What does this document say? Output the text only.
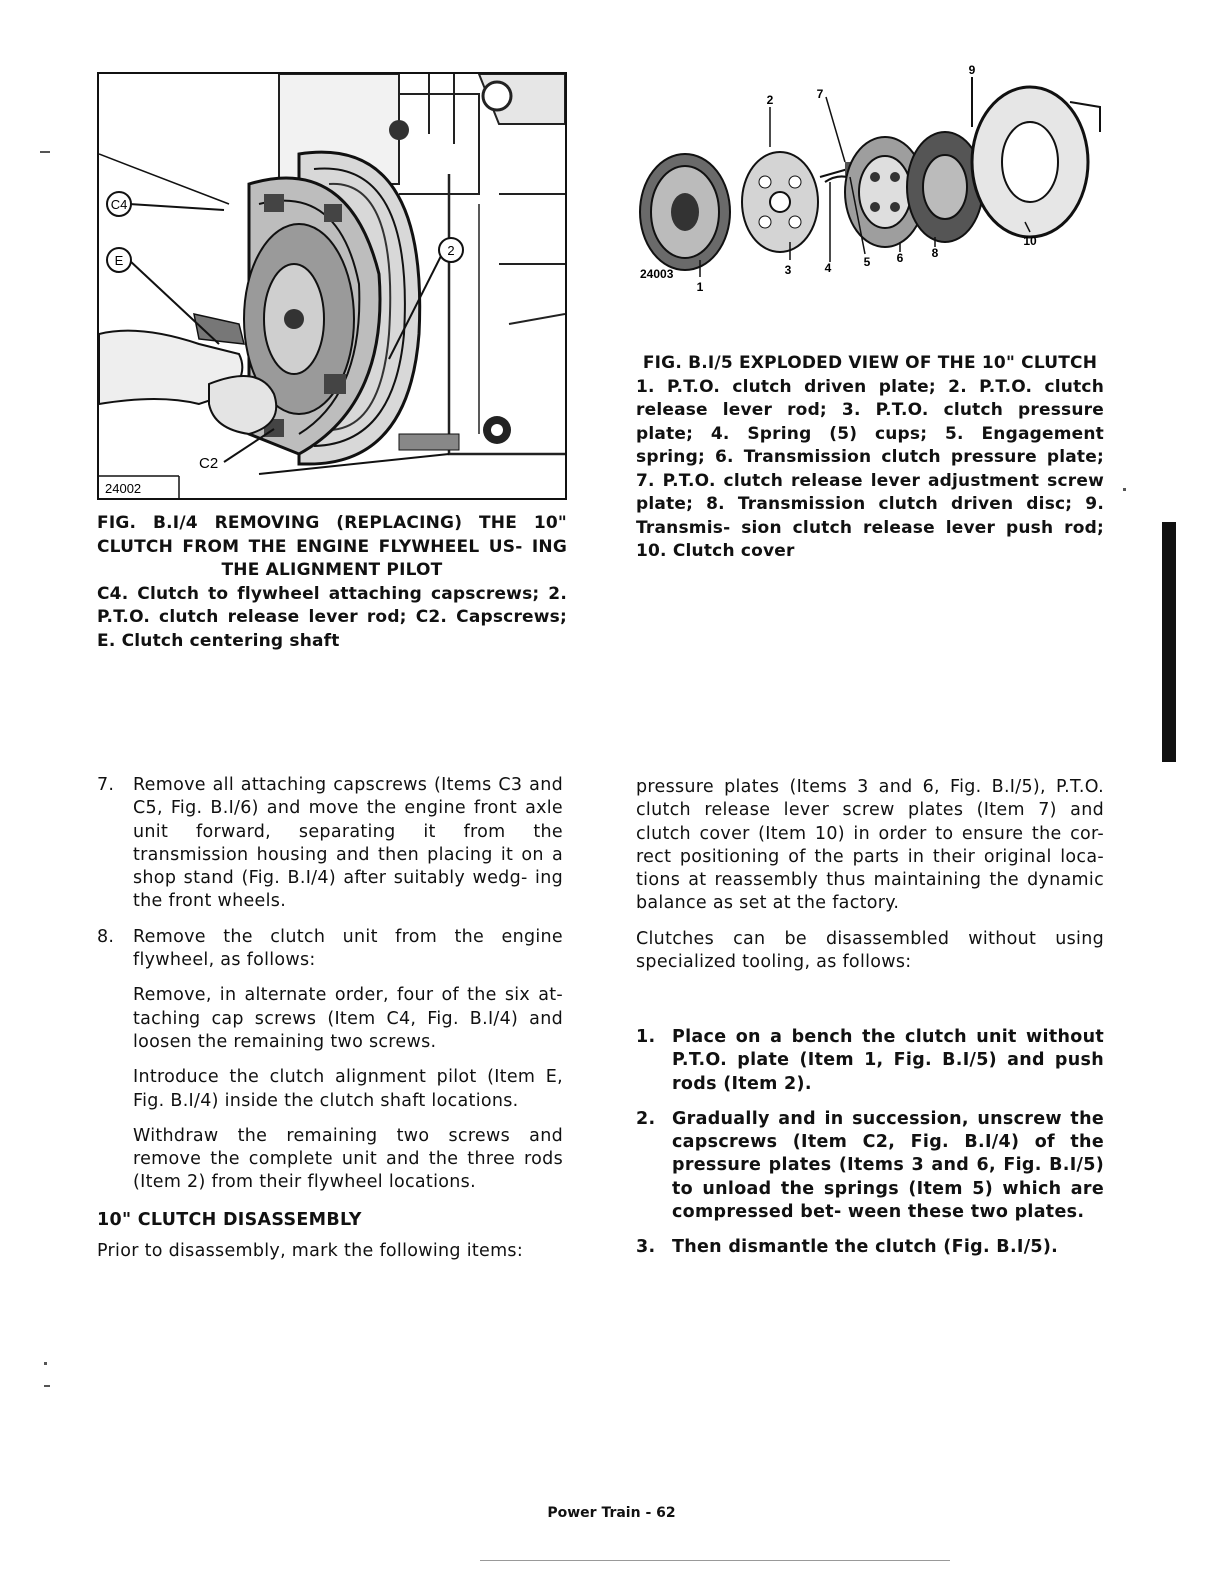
C4
E
2
C2
24002
FIG. B.I/4 REMOVING (REPLACING) THE 10" CLUTCH FROM THE ENGINE FLYWHEEL US- ING THE ALIGNMENT PILOT
C4. Clutch to flywheel attaching capscrews; 2. P.T.O. clutch release lever rod; C2. Capscrews; E. Clutch centering shaft
1
2
3	4	5 6
7
8
9
10
24003
FIG. B.I/5 EXPLODED VIEW OF THE 10" CLUTCH
1. P.T.O. clutch driven plate; 2. P.T.O. clutch release lever rod; 3. P.T.O. clutch pressure plate; 4. Spring (5) cups; 5. Engagement spring; 6. Transmission clutch pressure plate; 7. P.T.O. clutch release lever adjustment screw plate; 8. Transmission clutch driven disc; 9. Transmis- sion clutch release lever push rod; 10. Clutch cover
7. Remove all attaching capscrews (Items C3 and C5, Fig. B.I/6) and move the engine front axle unit forward, separating it from the transmission housing and then placing it on a shop stand (Fig. B.I/4) after suitably wedg- ing the front wheels.
8. Remove the clutch unit from the engine flywheel, as follows:

Remove, in alternate order, four of the six at- taching cap screws (Item C4, Fig. B.I/4) and loosen the remaining two screws.

Introduce the clutch alignment pilot (Item E, Fig. B.I/4) inside the clutch shaft locations.

Withdraw the remaining two screws and remove the complete unit and the three rods (Item 2) from their flywheel locations.

10" CLUTCH DISASSEMBLY

Prior to disassembly, mark the following items:

pressure plates (Items 3 and 6, Fig. B.I/5), P.T.O. clutch release lever screw plates (Item 7) and clutch cover (Item 10) in order to ensure the cor- rect positioning of the parts in their original loca- tions at reassembly thus maintaining the dynamic balance as set at the factory.

Clutches can be disassembled without using specialized tooling, as follows:

1. Place on a bench the clutch unit without P.T.O. plate (Item 1, Fig. B.I/5) and push rods (Item 2).
2. Gradually and in succession, unscrew the capscrews (Item C2, Fig. B.I/4) of the pressure plates (Items 3 and 6, Fig. B.I/5) to unload the springs (Item 5) which are compressed bet- ween these two plates.
3. Then dismantle the clutch (Fig. B.I/5).
Power Train - 62
